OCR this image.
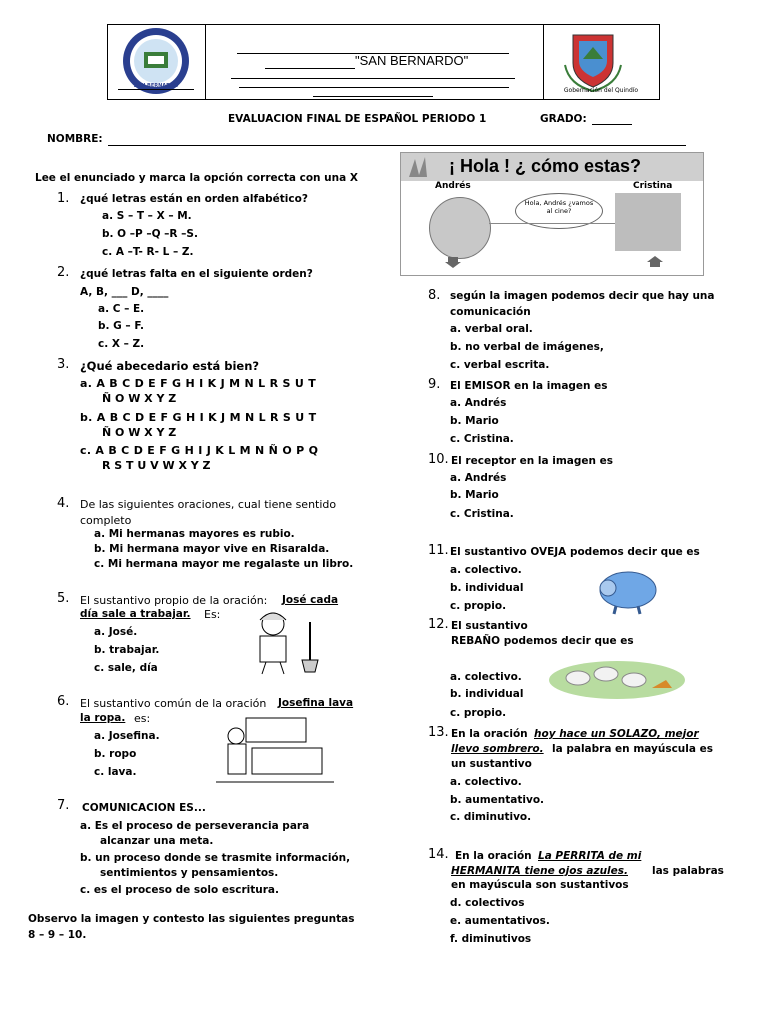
SAN BERNARDO
"SAN BERNARDO"
Gobernación del Quindío
EVALUACION FINAL DE ESPAÑOL PERIODO 1	GRADO:
NOMBRE:
Lee el enunciado y marca la opción correcta con una X
1. ¿qué letras están en orden alfabético?
a. S – T – X – M.
b. O –P –Q –R –S.
c. A –T- R- L – Z.
2. ¿qué letras falta en el siguiente orden?
A, B, ___ D, ____
a. C – E.
b. G – F.
c. X – Z.
3. ¿Qué abecedario está bien?
a. A B C D E F G H I K J M N L R S U T
Ñ O W X Y Z
b. A B C D E F G H I K J M N L R S U T
Ñ O W X Y Z
c. A B C D E F G H I J K L M N Ñ O P Q
R S T U V W X Y Z
4. De las siguientes oraciones, cual tiene sentido
completo
a. Mi hermanas mayores es rubio.
b. Mi hermana mayor vive en Risaralda.
c. Mi hermana mayor me regalaste un libro.
5. El sustantivo propio de la oración: José cada
día sale a trabajar. Es:
a. José.
b. trabajar.
c. sale, día
6. El sustantivo común de la oración Josefina lava
la ropa. es:
a. Josefina.
b. ropo
c. lava.
7. COMUNICACION ES...
a. Es el proceso de perseverancia para
alcanzar una meta.
b. un proceso donde se trasmite información,
sentimientos y pensamientos.
c. es el proceso de solo escritura.
Observo la imagen y contesto las siguientes preguntas
8 – 9 – 10.
¡ Hola ! ¿ cómo estas?
Andrés	Cristina
Hola, Andrés ¿vamos al cine?
8. según la imagen podemos decir que hay una
comunicación
a. verbal oral.
b. no verbal de imágenes,
c. verbal escrita.
9. El EMISOR en la imagen es
a. Andrés
b. Mario
c. Cristina.
10. El receptor en la imagen es
a. Andrés
b. Mario
c. Cristina.
11. El sustantivo OVEJA podemos decir que es
a. colectivo.
b. individual
c. propio.
12. El sustantivo
REBAÑO podemos decir que es
a. colectivo.
b. individual
c. propio.
13. En la oración hoy hace un SOLAZO, mejor
llevo sombrero. la palabra en mayúscula es
un sustantivo
a. colectivo.
b. aumentativo.
c. diminutivo.
14. En la oración La PERRITA de mi
HERMANITA tiene ojos azules. las palabras
en mayúscula son sustantivos
d. colectivos
e. aumentativos.
f. diminutivos
